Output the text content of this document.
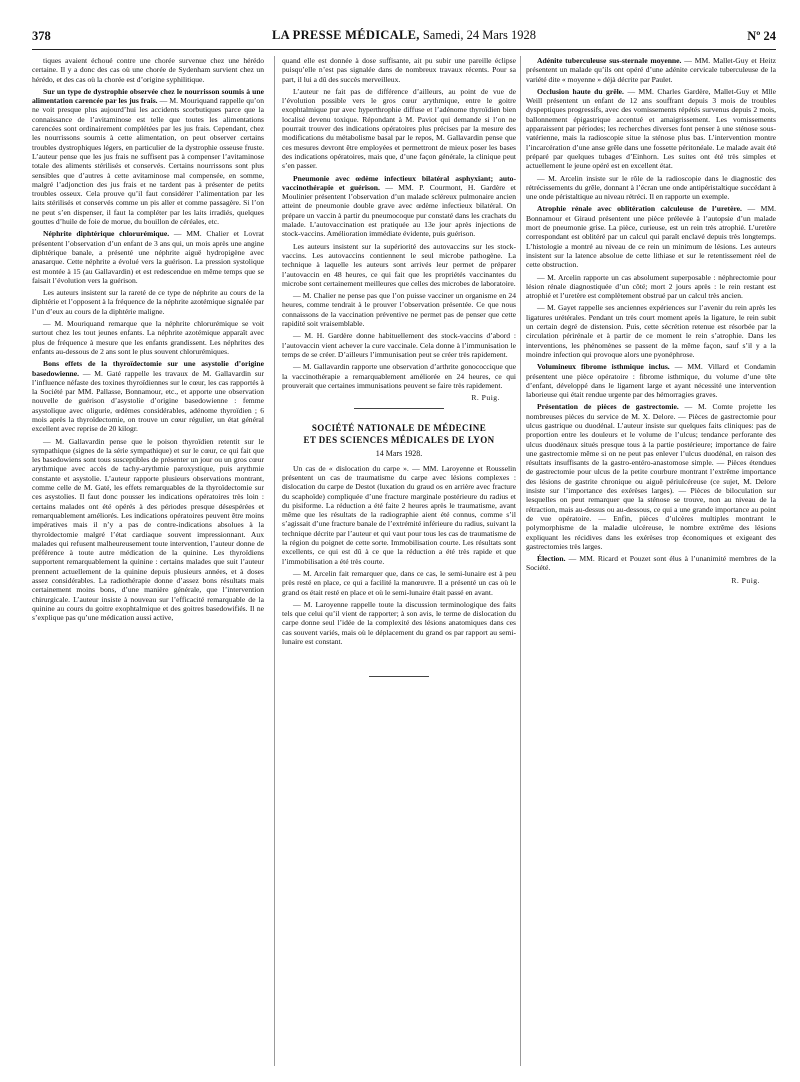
378	LA PRESSE MÉDICALE, Samedi, 24 Mars 1928	Nº 24

tiques avaient échoué contre une chorée survenue chez une hérédo certaine. Il y a donc des cas où une chorée de Sydenham survient chez un hérédo, et des cas où la chorée est d’origine syphilitique.

Sur un type de dystrophie observée chez le nourrisson soumis à une alimentation carencée par les jus frais. — M. Mouriquand rappelle qu’on ne voit presque plus aujourd’hui les accidents scorbutiques parce que la connaissance de l’avitaminose est telle que toutes les alimentations carencées sont ordinairement complétées par les jus frais. Cependant, chez les nourrissons soumis à cette alimentation, on peut observer certains troubles dystrophiques légers, en particulier de la dystrophie osseuse fruste. L’auteur pense que les jus frais ne suffisent pas à compenser l’avitaminose totale des aliments stérilisés et conservés. Certains nourrissons sont plus sensibles que d’autres à cette avitaminose mal compensée, en somme, malgré l’adjonction des jus frais et ne tardent pas à présenter de petits troubles osseux. Cela prouve qu’il faut considérer l’alimentation par les laits stérilisés et conservés comme un pis aller et comme passagère. Si l’on ne peut s’en dispenser, il faut la compléter par les laits irradiés, quelques gouttes d’huile de foie de morue, du bouillon de céréales, etc.

Néphrite diphtérique chlorurémique. — MM. Chalier et Lovrat présentent l’observation d’un enfant de 3 ans qui, un mois après une angine diphtérique banale, a présenté une néphrite aiguë hydropigène avec anasarque. Cette néphrite a évolué vers la guérison. La pression systolique est montée à 15 (au Gallavardin) et est redescendue en même temps que se faisait l’évolution vers la guérison.

Les auteurs insistent sur la rareté de ce type de néphrite au cours de la diphtérie et l’opposent à la fréquence de la néphrite azotémique signalée par l’un d’eux au cours de la diphtérie maligne.

— M. Mouriquand remarque que la néphrite chlorurémique se voit surtout chez les tout jeunes enfants. La néphrite azotémique apparaît avec plus de fréquence à mesure que les enfants grandissent. Les néphrites des enfants au-dessous de 2 ans sont le plus souvent chlorurémiques.

Bons effets de la thyroïdectomie sur une asystolie d’origine basedowienne. — M. Gaté rappelle les travaux de M. Gallavardin sur l’influence néfaste des toxines thyroïdiennes sur le cœur, les cas rapportés à la Société par MM. Pallasse, Bonnamour, etc., et apporte une observation nouvelle de guérison d’asystolie d’origine basedowienne : femme asystolique avec oligurie, œdèmes considérables, adénome thyroïdien ; 6 mois après la thyroïdectomie, on trouve un cœur régulier, un état général excellent avec reprise de 20 kilogr.

— M. Gallavardin pense que le poison thyroïdien retentit sur le sympathique (signes de la série sympathique) et sur le cœur, ce qui fait que les basedowiens sont tous susceptibles de présenter un jour ou un gros cœur arythmique avec accès de tachy-arythmie paroxystique, puis arythmie constante et asystolie. L’auteur rapporte plusieurs observations montrant, comme celle de M. Gaté, les effets remarquables de la thyroïdectomie sur ces asystolies. Il faut donc pousser les indications opératoires très loin : certains malades ont été opérés à des périodes presque désespérées et remarquablement améliorés. Les indications opératoires peuvent être moins impératives mais il n’y a pas de contre-indications absolues à la thyroïdectomie malgré l’état cardiaque souvent impressionnant. Aux malades qui refusent malheureusement toute intervention, l’auteur donne de préférence à toute autre médication de la quinine. Les thyroïdiens supportent remarquablement la quinine : certains malades que suit l’auteur prennent actuellement de la quinine depuis plusieurs années, et à doses assez considérables. La radiothérapie donne d’assez bons résultats mais certainement moins bons, d’une manière générale, que l’intervention chirurgicale. L’auteur insiste à nouveau sur l’efficacité remarquable de la quinine au cours du goitre exophtalmique et des goitres basedowifiés. Il ne s’explique pas qu’une médication aussi active,

quand elle est donnée à dose suffisante, ait pu subir une pareille éclipse puisqu’elle n’est pas signalée dans de nombreux travaux récents. Pour sa part, il lui a dû des succès merveilleux.

L’auteur ne fait pas de différence d’ailleurs, au point de vue de l’évolution possible vers le gros cœur arythmique, entre le goitre exophtalmique pur avec hyperthrophie diffuse et l’adénome thyroïdien bien localisé devenu toxique. Répondant à M. Paviot qui demande si l’on ne pourrait trouver des indications opératoires plus précises par la mesure des modifications du métabolisme basal par le repos, M. Gallavardin pense que ces mesures devront être employées et permettront de mieux poser les bases des indications opératoires, mais que, d’une façon générale, la clinique peut s’en passer.

Pneumonie avec œdème infectieux bilatéral asphyxiant; auto-vaccinothérapie et guérison. — MM. P. Courmont, H. Gardère et Moulinier présentent l’observation d’un malade scléreux pulmonaire ancien atteint de pneumonie double grave avec œdème infectieux bilatéral. On prépare un vaccin à partir du pneumocoque pur constaté dans les crachats du malade. L’autovaccination est pratiquée au 13e jour après injections de stock-vaccins. Amélioration immédiate évidente, puis guérison.

Les auteurs insistent sur la supériorité des autovaccins sur les stock-vaccins. Les autovaccins contiennent le seul microbe pathogène. La technique à laquelle les auteurs sont arrivés leur permet de préparer l’autovaccin en 48 heures, ce qui fait que les propriétés vaccinantes du microbe sont certainement meilleures que celles des microbes de laboratoire.

— M. Chalier ne pense pas que l’on puisse vacciner un organisme en 24 heures, comme tendrait à le prouver l’observation présentée. Ce que nous connaissons de la vaccination préventive ne permet pas de penser que cette rapidité soit vraisemblable.

— M. H. Gardère donne habituellement des stock-vaccins d’abord : l’autovaccin vient achever la cure vaccinale. Cela donne à l’immunisation le temps de se créer. D’ailleurs l’immunisation peut se créer très rapidement.

— M. Gallavardin rapporte une observation d’arthrite gonococcique que la vaccinothérapie a remarquablement améliorée en 24 heures, ce qui prouverait que certaines immunisations peuvent se faire très rapidement.

R. Puig.
SOCIÉTÉ NATIONALE DE MÉDECINE
ET DES SCIENCES MÉDICALES DE LYON
14 Mars 1928.

Un cas de « dislocation du carpe ». — MM. Laroyenne et Rousselin présentent un cas de traumatisme du carpe avec lésions complexes : dislocation du carpe de Destot (luxation du graud os en arrière avec fracture du scaphoïde) compliquée d’une fracture marginale postérieure du radius et du pisiforme. La réduction a été faite 2 heures après le traumatisme, avant même que les résultats de la radiographie aient été connus, comme s’il s’agissait d’une fracture banale de l’extrémité inférieure du radius, suivant la technique décrite par l’auteur et qui vaut pour tous les cas de traumatisme de la région du poignet de cette sorte. Immobilisation courte. Les résultats sont excellents, ce qui est dû à ce que la réduction a été très rapide et que l’immobilisation a été très courte.

— M. Arcelin fait remarquer que, dans ce cas, le semi-lunaire est à peu près resté en place, ce qui a facilité la manœuvre. Il a présenté un cas où le grand os était resté en place et où le semi-lunaire était passé en avant.

— M. Laroyenne rappelle toute la discussion terminologique des faits tels que celui qu’il vient de rapporter; à son avis, le terme de dislocation du carpe donne seul l’idée de la complexité des lésions anatomiques dans ces cas souvent variés, mais où le déplacement du grand os par rapport au semi-lunaire est constant.

Adénite tuberculeuse sus-sternale moyenne. — MM. Mallet-Guy et Heitz présentent un malade qu’ils ont opéré d’une adénite cervicale tuberculeuse de la variété dite « moyenne » déjà décrite par Paulet.

Occlusion haute du grêle. — MM. Charles Gardère, Mallet-Guy et Mlle Weill présentent un enfant de 12 ans souffrant depuis 3 mois de troubles dyspeptiques progressifs, avec des vomissements répétés survenus depuis 2 mois, ballonnement épigastrique accentué et amaigrissement. Les vomissements apparaissent par périodes; les recherches diverses font penser à une sténose sous-vatérienne, mais la radioscopie situe la sténose plus bas. L’intervention montre l’incarcération d’une anse grêle dans une fossette péritonéale. Le malade avait été préparé par quelques tubages d’Einhorn. Les suites ont été très simples et actuellement le jeune opéré est en excellent état.

— M. Arcelin insiste sur le rôle de la radioscopie dans le diagnostic des rétrécissements du grêle, donnant à l’écran une onde antipéristaltique succédant à une onde péristaltique au niveau rétréci. Il en rapporte un exemple.

Atrophie rénale avec oblitération calculeuse de l’uretère. — MM. Bonnamour et Giraud présentent une pièce prélevée à l’autopsie d’un malade mort de pneumonie grise. La pièce, curieuse, est un rein très atrophié. L’uretère correspondant est oblitéré par un calcul qui paraît enclavé depuis très longtemps. L’histologie a montré au niveau de ce rein un minimum de lésions. Les auteurs insistent sur la latence absolue de cette lithiase et sur le retentissement réel de cette obstruction.

— M. Arcelin rapporte un cas absolument superposable : néphrectomie pour lésion rénale diagnostiquée d’un côté; mort 2 jours après : le rein restant est atrophié et l’uretère est complètement obstrué par un calcul très ancien.

— M. Gayet rappelle ses anciennes expériences sur l’avenir du rein après les ligatures urétérales. Pendant un très court moment après la ligature, le rein subit un certain degré de distension. Puis, cette sécrétion retenue est résorbée par la circulation périrénale et à partir de ce moment le rein s’atrophie. Dans les interventions, les phénomènes se passent de la même façon, sauf s’il y a la moindre infection qui provoque alors une pyonéphrose.

Volumineux fibrome isthmique inclus. — MM. Villard et Condamin présentent une pièce opératoire : fibrome isthmique, du volume d’une tête d’enfant, développé dans le ligament large et ayant nécessité une intervention laborieuse qui était rendue urgente par des hémorragies graves.

Présentation de pièces de gastrectomie. — M. Comte projette les nombreuses pièces du service de M. X. Delore. — Pièces de gastrectomie pour ulcus gastrique ou duodénal. L’auteur insiste sur quelques faits cliniques: pas de proportion entre les douleurs et le volume de l’ulcus; tendance perforante des ulcus duodénaux situés presque tous à la partie postérieure; importance de faire une gastrectomie même si on ne peut pas enlever l’ulcus duodénal, en raison des résultats insuffisants de la gastro-entéro-anastomose simple. — Pièces étendues de gastrectomie pour ulcus de la petite courbure montrant l’extrême importance des lésions de gastrite chronique ou aiguë périulcéreuse (ce sujet, M. Delore insiste sur l’importance des exérèses larges). — Pièces de biloculation sur lesquelles on peut remarquer que la sténose se trouve, non au niveau de la rétraction, mais au-dessus ou au-dessous, ce qui a une grande importance au point de vue opératoire. — Enfin, pièces d’ulcères multiples montrant le polymorphisme de la maladie ulcéreuse, le nombre extrême des lésions expliquant les récidives dans les exérèses trop économiques et exigeant des gastrectomies très larges.

Élection. — MM. Ricard et Pouzet sont élus à l’unanimité membres de la Société.

R. Puig.
